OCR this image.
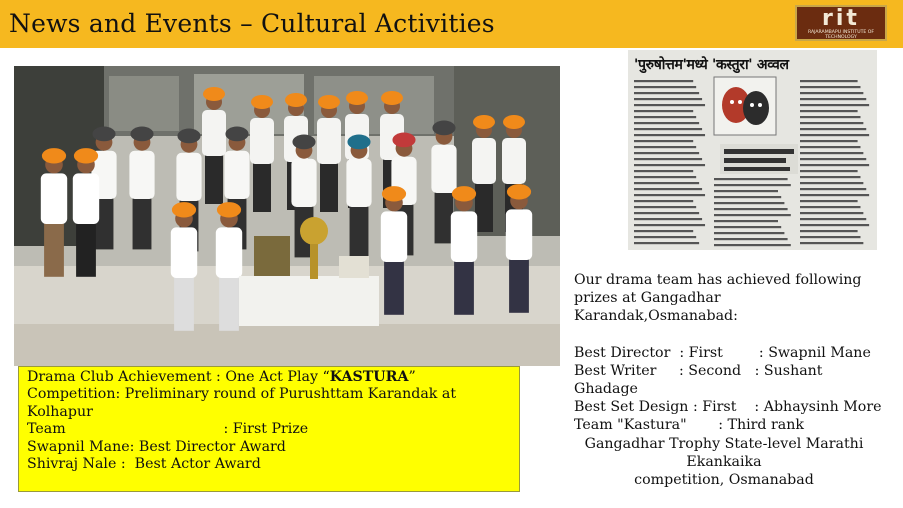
News and Events – Cultural Activities	rit
RAJARAMBAPU INSTITUTE OF TECHNOLOGY
'पुरुषोत्तम'मध्ये 'कस्तुरा' अव्वल
Drama Club Achievement : One Act Play “KASTURA”
Competition: Preliminary round of Purushttam Karandak at Kolhapur
Team                                   : First Prize
Swapnil Mane: Best Director Award
Shivraj Nale :  Best Actor Award
Our drama team has achieved following
prizes at Gangadhar
Karandak,Osmanabad:
Best Director  : First        : Swapnil Mane
Best Writer     : Second   : Sushant
Ghadage
Best Set Design : First    : Abhaysinh More
Team "Kastura"       : Third rank
Gangadhar Trophy State-level Marathi
Ekankaika
competition, Osmanabad
